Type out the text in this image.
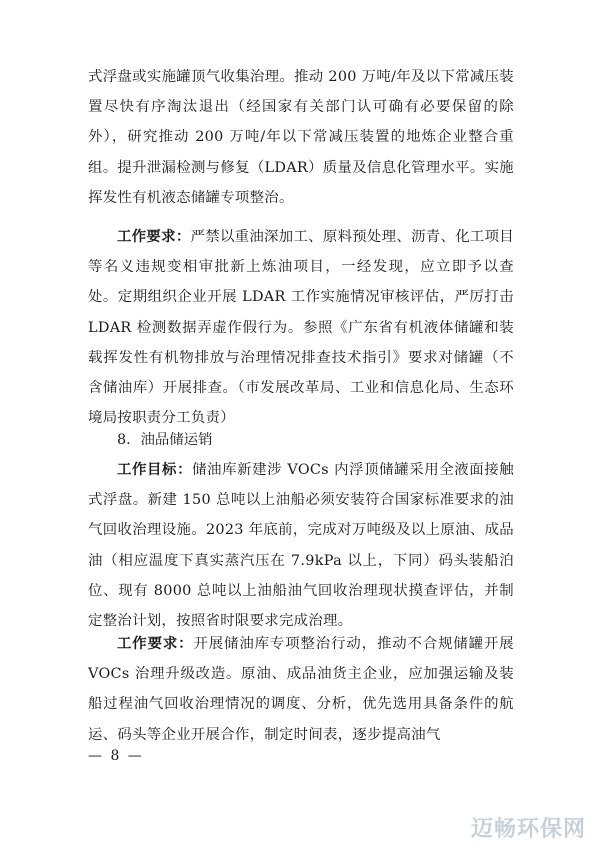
式浮盘或实施罐顶气收集治理。推动 200 万吨/年及以下常减压装置尽快有序淘汰退出（经国家有关部门认可确有必要保留的除外），研究推动 200 万吨/年以下常减压装置的地炼企业整合重组。提升泄漏检测与修复（LDAR）质量及信息化管理水平。实施挥发性有机液态储罐专项整治。

工作要求：严禁以重油深加工、原料预处理、沥青、化工项目等名义违规变相审批新上炼油项目，一经发现，应立即予以查处。定期组织企业开展 LDAR 工作实施情况审核评估，严厉打击 LDAR 检测数据弄虚作假行为。参照《广东省有机液体储罐和装载挥发性有机物排放与治理情况排查技术指引》要求对储罐（不含储油库）开展排查。（市发展改革局、工业和信息化局、生态环境局按职责分工负责）

8．油品储运销

工作目标：储油库新建涉 VOCs 内浮顶储罐采用全液面接触式浮盘。新建 150 总吨以上油船必须安装符合国家标准要求的油气回收治理设施。2023 年底前，完成对万吨级及以上原油、成品油（相应温度下真实蒸汽压在 7.9kPa 以上，下同）码头装船泊位、现有 8000 总吨以上油船油气回收治理现状摸查评估，并制定整治计划，按照省时限要求完成治理。

工作要求：开展储油库专项整治行动，推动不合规储罐开展 VOCs 治理升级改造。原油、成品油货主企业，应加强运输及装船过程油气回收治理情况的调度、分析，优先选用具备条件的航运、码头等企业开展合作，制定时间表，逐步提高油气

— 8 —

迈畅环保网
